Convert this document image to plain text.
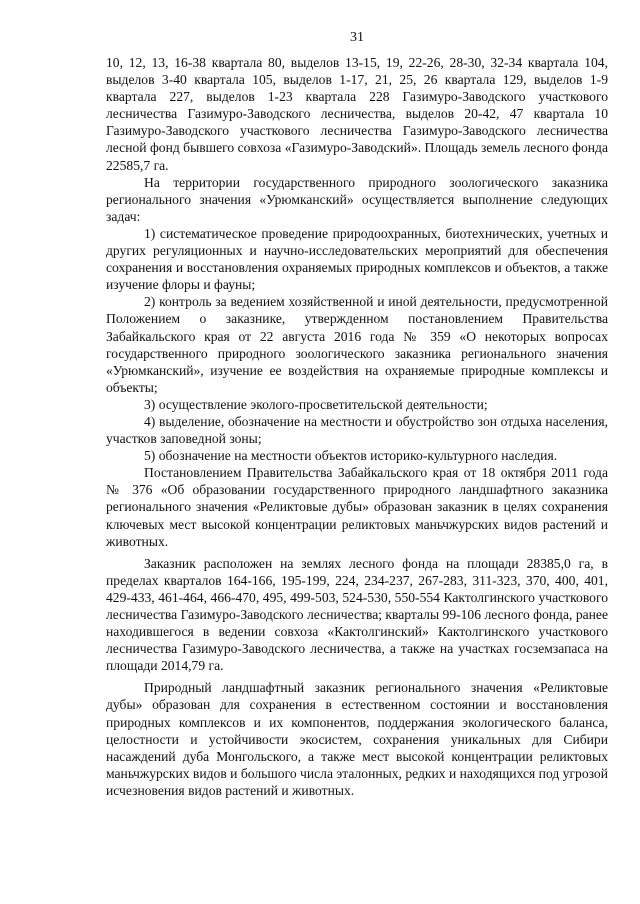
31

10, 12, 13, 16-38 квартала 80, выделов 13-15, 19, 22-26, 28-30, 32-34 квартала 104, выделов 3-40 квартала 105, выделов 1-17, 21, 25, 26 квартала 129, выделов 1-9 квартала 227, выделов 1-23 квартала 228 Газимуро-Заводского участкового лесничества Газимуро-Заводского лесничества, выделов 20-42, 47 квартала 10 Газимуро-Заводского участкового лесничества Газимуро-Заводского лесничества лесной фонд бывшего совхоза «Газимуро-Заводский». Площадь земель лесного фонда 22585,7 га.

На территории государственного природного зоологического заказника регионального значения «Урюмканский» осуществляется выполнение следующих задач:

1) систематическое проведение природоохранных, биотехнических, учетных и других регуляционных и научно-исследовательских мероприятий для обеспечения сохранения и восстановления охраняемых природных комплексов и объектов, а также изучение флоры и фауны;

2) контроль за ведением хозяйственной и иной деятельности, предусмотренной Положением о заказнике, утвержденном постановлением Правительства Забайкальского края от 22 августа 2016 года № 359 «О некоторых вопросах государственного природного зоологического заказника регионального значения «Урюмканский», изучение ее воздействия на охраняемые природные комплексы и объекты;

3) осуществление эколого-просветительской деятельности;

4) выделение, обозначение на местности и обустройство зон отдыха населения, участков заповедной зоны;

5) обозначение на местности объектов историко-культурного наследия.

Постановлением Правительства Забайкальского края от 18 октября 2011 года № 376 «Об образовании государственного природного ландшафтного заказника регионального значения «Реликтовые дубы» образован заказник в целях сохранения ключевых мест высокой концентрации реликтовых маньчжурских видов растений и животных.

Заказник расположен на землях лесного фонда на площади 28385,0 га, в пределах кварталов 164-166, 195-199, 224, 234-237, 267-283, 311-323, 370, 400, 401, 429-433, 461-464, 466-470, 495, 499-503, 524-530, 550-554 Кактолгинского участкового лесничества Газимуро-Заводского лесничества; кварталы 99-106 лесного фонда, ранее находившегося в ведении совхоза «Кактолгинский» Кактолгинского участкового лесничества Газимуро-Заводского лесничества, а также на участках госземзапаса на площади 2014,79 га.

Природный ландшафтный заказник регионального значения «Реликтовые дубы» образован для сохранения в естественном состоянии и восстановления природных комплексов и их компонентов, поддержания экологического баланса, целостности и устойчивости экосистем, сохранения уникальных для Сибири насаждений дуба Монгольского, а также мест высокой концентрации реликтовых маньчжурских видов и большого числа эталонных, редких и находящихся под угрозой исчезновения видов растений и животных.
